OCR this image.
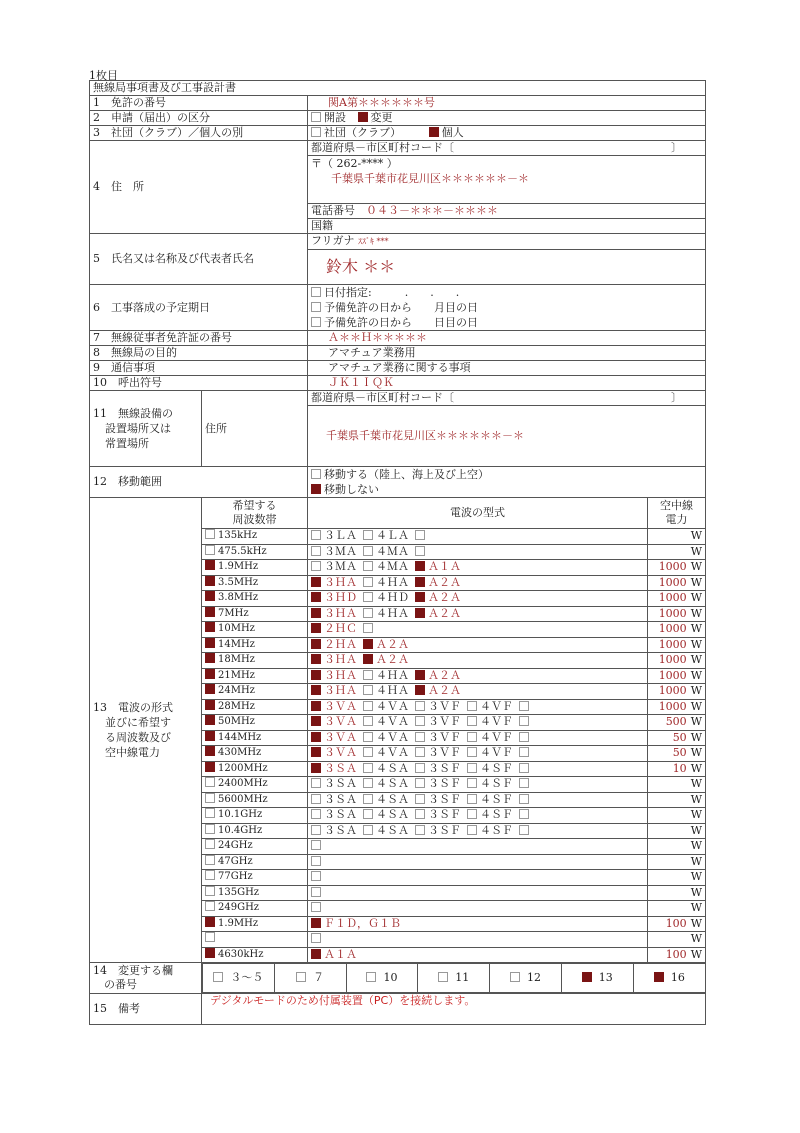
1枚目
無線局事項書及び工事設計書
1　免許の番号	関A第＊＊＊＊＊＊号
2　申請（届出）の区分	開設 変更
3　社団（クラブ）／個人の別	社団（クラブ）	個人
4　住　所	都道府県－市区町村コード〔	〕

〒（ 262-**** ）
千葉県千葉市花見川区＊＊＊＊＊＊－＊

電話番号　 ０４３－＊＊＊－＊＊＊＊
国籍
5　氏名又は名称及び代表者氏名	フリガナ ｽｽﾞｷ ***
鈴木 ＊＊
6　工事落成の予定期日	
日付指定:　　　.　　.　　.
予備免許の日から　　月目の日
予備免許の日から　　日目の日

7　無線従事者免許証の番号	Ａ＊＊Ｈ＊＊＊＊＊
8　無線局の目的	アマチュア業務用
9　通信事項	アマチュア業務に関する事項
10　呼出符号	ＪＫ１ＩＱＫ

11　無線設備の
設置場所又は
常置場所
	住所	都道府県－市区町村コード〔	〕

千葉県千葉市花見川区＊＊＊＊＊＊－＊
12　移動範囲	
移動する（陸上、海上及び上空）
移動しない

13　電波の形式
並びに希望す
る周波数及び
空中線電力

希望する
周波数帯
	電波の型式	
空中線
電力

135kHz	３ＬＡ ４ＬＡ	W
475.5kHz	３ＭＡ ４ＭＡ	W
1.9MHz	３ＭＡ ４ＭＡ Ａ１Ａ	1000 W
3.5MHz	３ＨＡ ４ＨＡ Ａ２Ａ	1000 W
3.8MHz	３ＨＤ ４ＨＤ Ａ２Ａ	1000 W
7MHz	３ＨＡ ４ＨＡ Ａ２Ａ	1000 W
10MHz	２ＨＣ	1000 W
14MHz	２ＨＡ Ａ２Ａ	1000 W
18MHz	３ＨＡ Ａ２Ａ	1000 W
21MHz	３ＨＡ ４ＨＡ Ａ２Ａ	1000 W
24MHz	３ＨＡ ４ＨＡ Ａ２Ａ	1000 W
28MHz	３ＶＡ ４ＶＡ ３ＶＦ ４ＶＦ	1000 W
50MHz	３ＶＡ ４ＶＡ ３ＶＦ ４ＶＦ	500 W
144MHz	３ＶＡ ４ＶＡ ３ＶＦ ４ＶＦ	50 W
430MHz	３ＶＡ ４ＶＡ ３ＶＦ ４ＶＦ	50 W
1200MHz	３ＳＡ ４ＳＡ ３ＳＦ ４ＳＦ	10 W
2400MHz	３ＳＡ ４ＳＡ ３ＳＦ ４ＳＦ	W
5600MHz	３ＳＡ ４ＳＡ ３ＳＦ ４ＳＦ	W
10.1GHz	３ＳＡ ４ＳＡ ３ＳＦ ４ＳＦ	W
10.4GHz	３ＳＡ ４ＳＡ ３ＳＦ ４ＳＦ	W
24GHz		W
47GHz		W
77GHz		W
135GHz		W
249GHz		W
1.9MHz	Ｆ１Ｄ，Ｇ１Ｂ	100 W
		W
4630kHz	Ａ１Ａ	100 W

14　変更する欄
　の番号

３～５	７	10	11	12	13	16

15　備考	デジタルモードのため付属装置（PC）を接続します。
